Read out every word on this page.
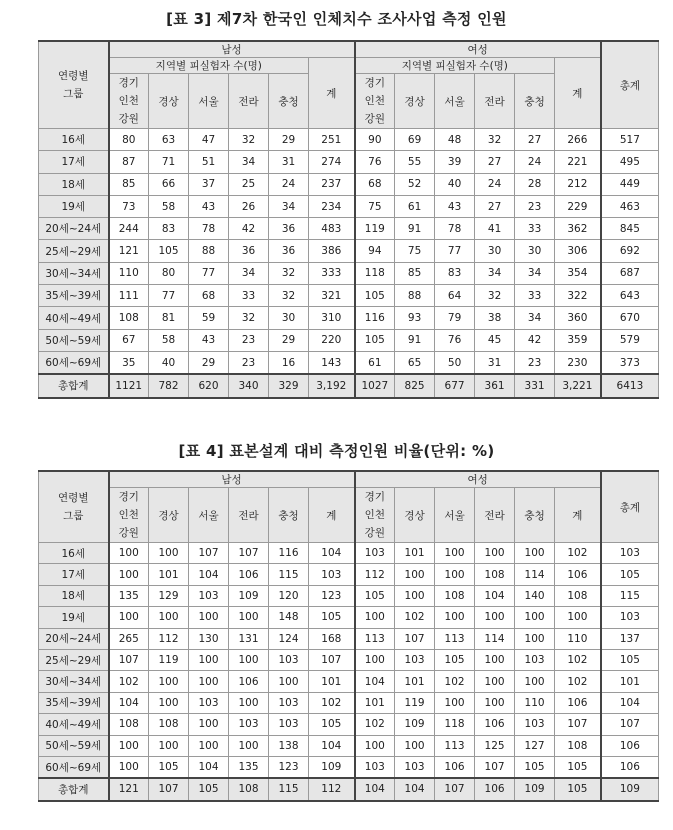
[표 3] 제7차 한국인 인체치수 조사사업 측정 인원
연령별
그룹	남성						여성						총계
	지역별 피실험자 수(명)					계	지역별 피실험자 수(명)					계	
	경기
인천
강원	경상	서울	전라	충청		경기
인천
강원	경상	서울	전라	충청		
16세	80	63	47	32	29	251	90	69	48	32	27	266	517
17세	87	71	51	34	31	274	76	55	39	27	24	221	495
18세	85	66	37	25	24	237	68	52	40	24	28	212	449
19세	73	58	43	26	34	234	75	61	43	27	23	229	463
20세~24세	244	83	78	42	36	483	119	91	78	41	33	362	845
25세~29세	121	105	88	36	36	386	94	75	77	30	30	306	692
30세~34세	110	80	77	34	32	333	118	85	83	34	34	354	687
35세~39세	111	77	68	33	32	321	105	88	64	32	33	322	643
40세~49세	108	81	59	32	30	310	116	93	79	38	34	360	670
50세~59세	67	58	43	23	29	220	105	91	76	45	42	359	579
60세~69세	35	40	29	23	16	143	61	65	50	31	23	230	373
총합계	1121	782	620	340	329	3,192	1027	825	677	361	331	3,221	6413
[표 4] 표본설계 대비 측정인원 비율(단위: %)
연령별
그룹	남성						여성						총계
	경기
인천
강원	경상	서울	전라	충청	계	경기
인천
강원	경상	서울	전라	충청	계	
16세	100	100	107	107	116	104	103	101	100	100	100	102	103
17세	100	101	104	106	115	103	112	100	100	108	114	106	105
18세	135	129	103	109	120	123	105	100	108	104	140	108	115
19세	100	100	100	100	148	105	100	102	100	100	100	100	103
20세~24세	265	112	130	131	124	168	113	107	113	114	100	110	137
25세~29세	107	119	100	100	103	107	100	103	105	100	103	102	105
30세~34세	102	100	100	106	100	101	104	101	102	100	100	102	101
35세~39세	104	100	103	100	103	102	101	119	100	100	110	106	104
40세~49세	108	108	100	103	103	105	102	109	118	106	103	107	107
50세~59세	100	100	100	100	138	104	100	100	113	125	127	108	106
60세~69세	100	105	104	135	123	109	103	103	106	107	105	105	106
총합계	121	107	105	108	115	112	104	104	107	106	109	105	109
